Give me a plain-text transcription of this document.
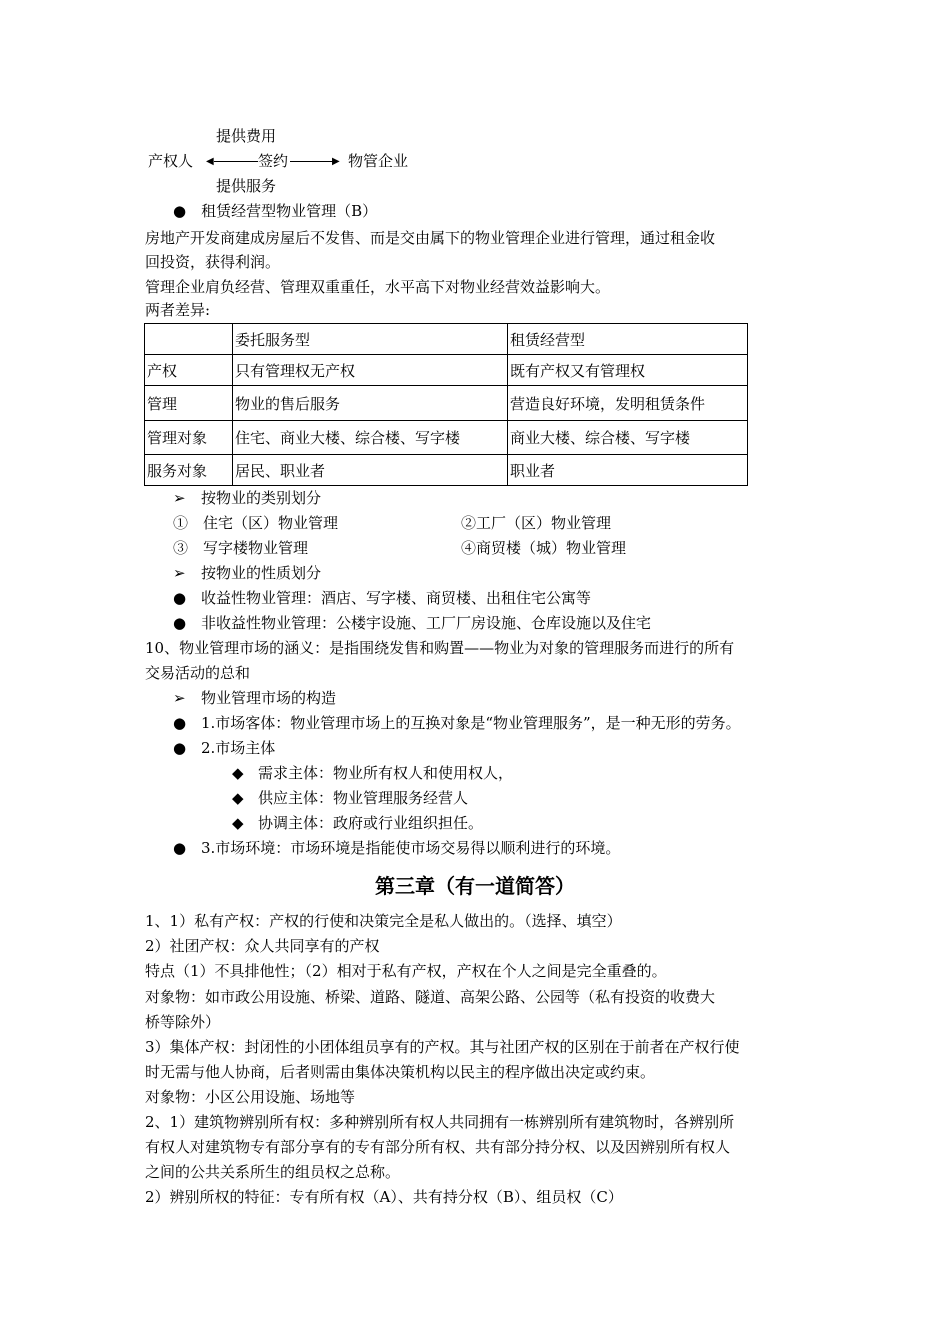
提供费用
产权人 ◀	签约	▶ 物管企业
提供服务
●　租赁经营型物业管理（B）
房地产开发商建成房屋后不发售、而是交由属下的物业管理企业进行管理，通过租金收
回投资，获得利润。
管理企业肩负经营、管理双重重任，水平高下对物业经营效益影响大。
两者差异:
	委托服务型	租赁经营型
产权	只有管理权无产权	既有产权又有管理权
管理	物业的售后服务	营造良好环境，发明租赁条件
管理对象	住宅、商业大楼、综合楼、写字楼	商业大楼、综合楼、写字楼
服务对象	居民、职业者	职业者
➢ 按物业的类别划分
①　住宅（区）物业管理	②工厂（区）物业管理
③　写字楼物业管理	④商贸楼（城）物业管理
➢ 按物业的性质划分
● 收益性物业管理：酒店、写字楼、商贸楼、出租住宅公寓等
● 非收益性物业管理：公楼宇设施、工厂厂房设施、仓库设施以及住宅
10、物业管理市场的涵义：是指围绕发售和购置——物业为对象的管理服务而进行的所有
交易活动的总和
➢ 物业管理市场的构造
● 1.市场客体：物业管理市场上的互换对象是“物业管理服务”，是一种无形的劳务。
● 2.市场主体
◆ 需求主体：物业所有权人和使用权人，
◆ 供应主体：物业管理服务经营人
◆ 协调主体：政府或行业组织担任。
● 3.市场环境：市场环境是指能使市场交易得以顺利进行的环境。
第三章（有一道简答）
1、1）私有产权：产权的行使和决策完全是私人做出的。（选择、填空）
2）社团产权：众人共同享有的产权
特点（1）不具排他性；（2）相对于私有产权，产权在个人之间是完全重叠的。
对象物：如市政公用设施、桥梁、道路、隧道、高架公路、公园等（私有投资的收费大
桥等除外）
3）集体产权：封闭性的小团体组员享有的产权。其与社团产权的区别在于前者在产权行使
时无需与他人协商，后者则需由集体决策机构以民主的程序做出决定或约束。
对象物：小区公用设施、场地等
2、1）建筑物辨别所有权：多种辨别所有权人共同拥有一栋辨别所有建筑物时，各辨别所
有权人对建筑物专有部分享有的专有部分所有权、共有部分持分权、以及因辨别所有权人
之间的公共关系所生的组员权之总称。
2）辨别所权的特征：专有所有权（A）、共有持分权（B）、组员权（C）
